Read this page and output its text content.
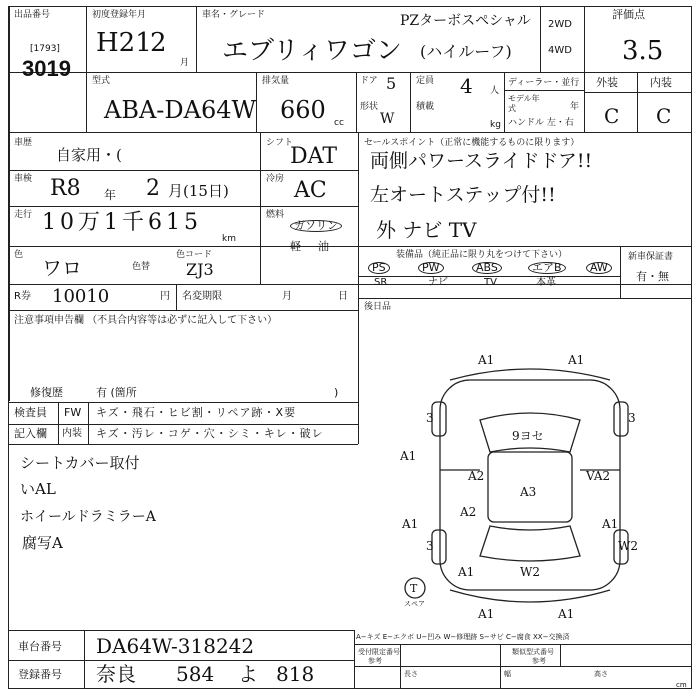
出品番号
[1793]
3019
初度登録年月
H21
2
月
車名・グレード	PZターボスペシャル
エブリィワゴン (ハイルーフ)
2WD
4WD
評価点
3.5
型式
ABA-DA64W
排気量
660 cc
ドア 5
形状
W
定員 4 人
積載
kg
ディーラー・並行
モデル年式	年
ハンドル 左・右
外装	内装
C C
車歴
自家用・(
シフト
DAT
車検 R8 年 2 月(15日)
冷房 AC
走行 10万1千615
km
燃料
ガソリン
軽 油
色
ワロ	色替
色コード
ZJ3
セールスポイント（正常に機能するものに限ります）
両側パワースライドドア!!
左オートステップ付!!
外 ナビ TV
装備品（純正品に限り丸をつけて下さい）	新車保証書
有・無
PS	PW	ABS	エアB	AW
SR	ナビ	TV	本革
後日品
R券 10010	円 名変期限	月	日
注意事項申告欄 （不具合内容等は必ずに記入して下さい）
修復歴	有 (箇所	)
検査員
記入欄
FW キズ・飛石・ヒビ割・リペア跡・X要
内装 キズ・汚レ・コゲ・穴・シミ・キレ・破レ
シートカバー取付
いAL
ホイールドラミラーA
腐写A
A1	A1
3	3
A2
A3
VA2
A1	A1
3
A1	W2
W2
A1	A1
A2
A1
9ヨセ
T
スペア
A−キズ E−エクボ U−凹み W−修理跡 S−サビ C−腐食 XX−交換済
車台番号 DA64W-318242
登録番号 奈良 584 よ 818
受付限定番号
参考
類似型式番号
参考
長さ	幅	高さ
cm
